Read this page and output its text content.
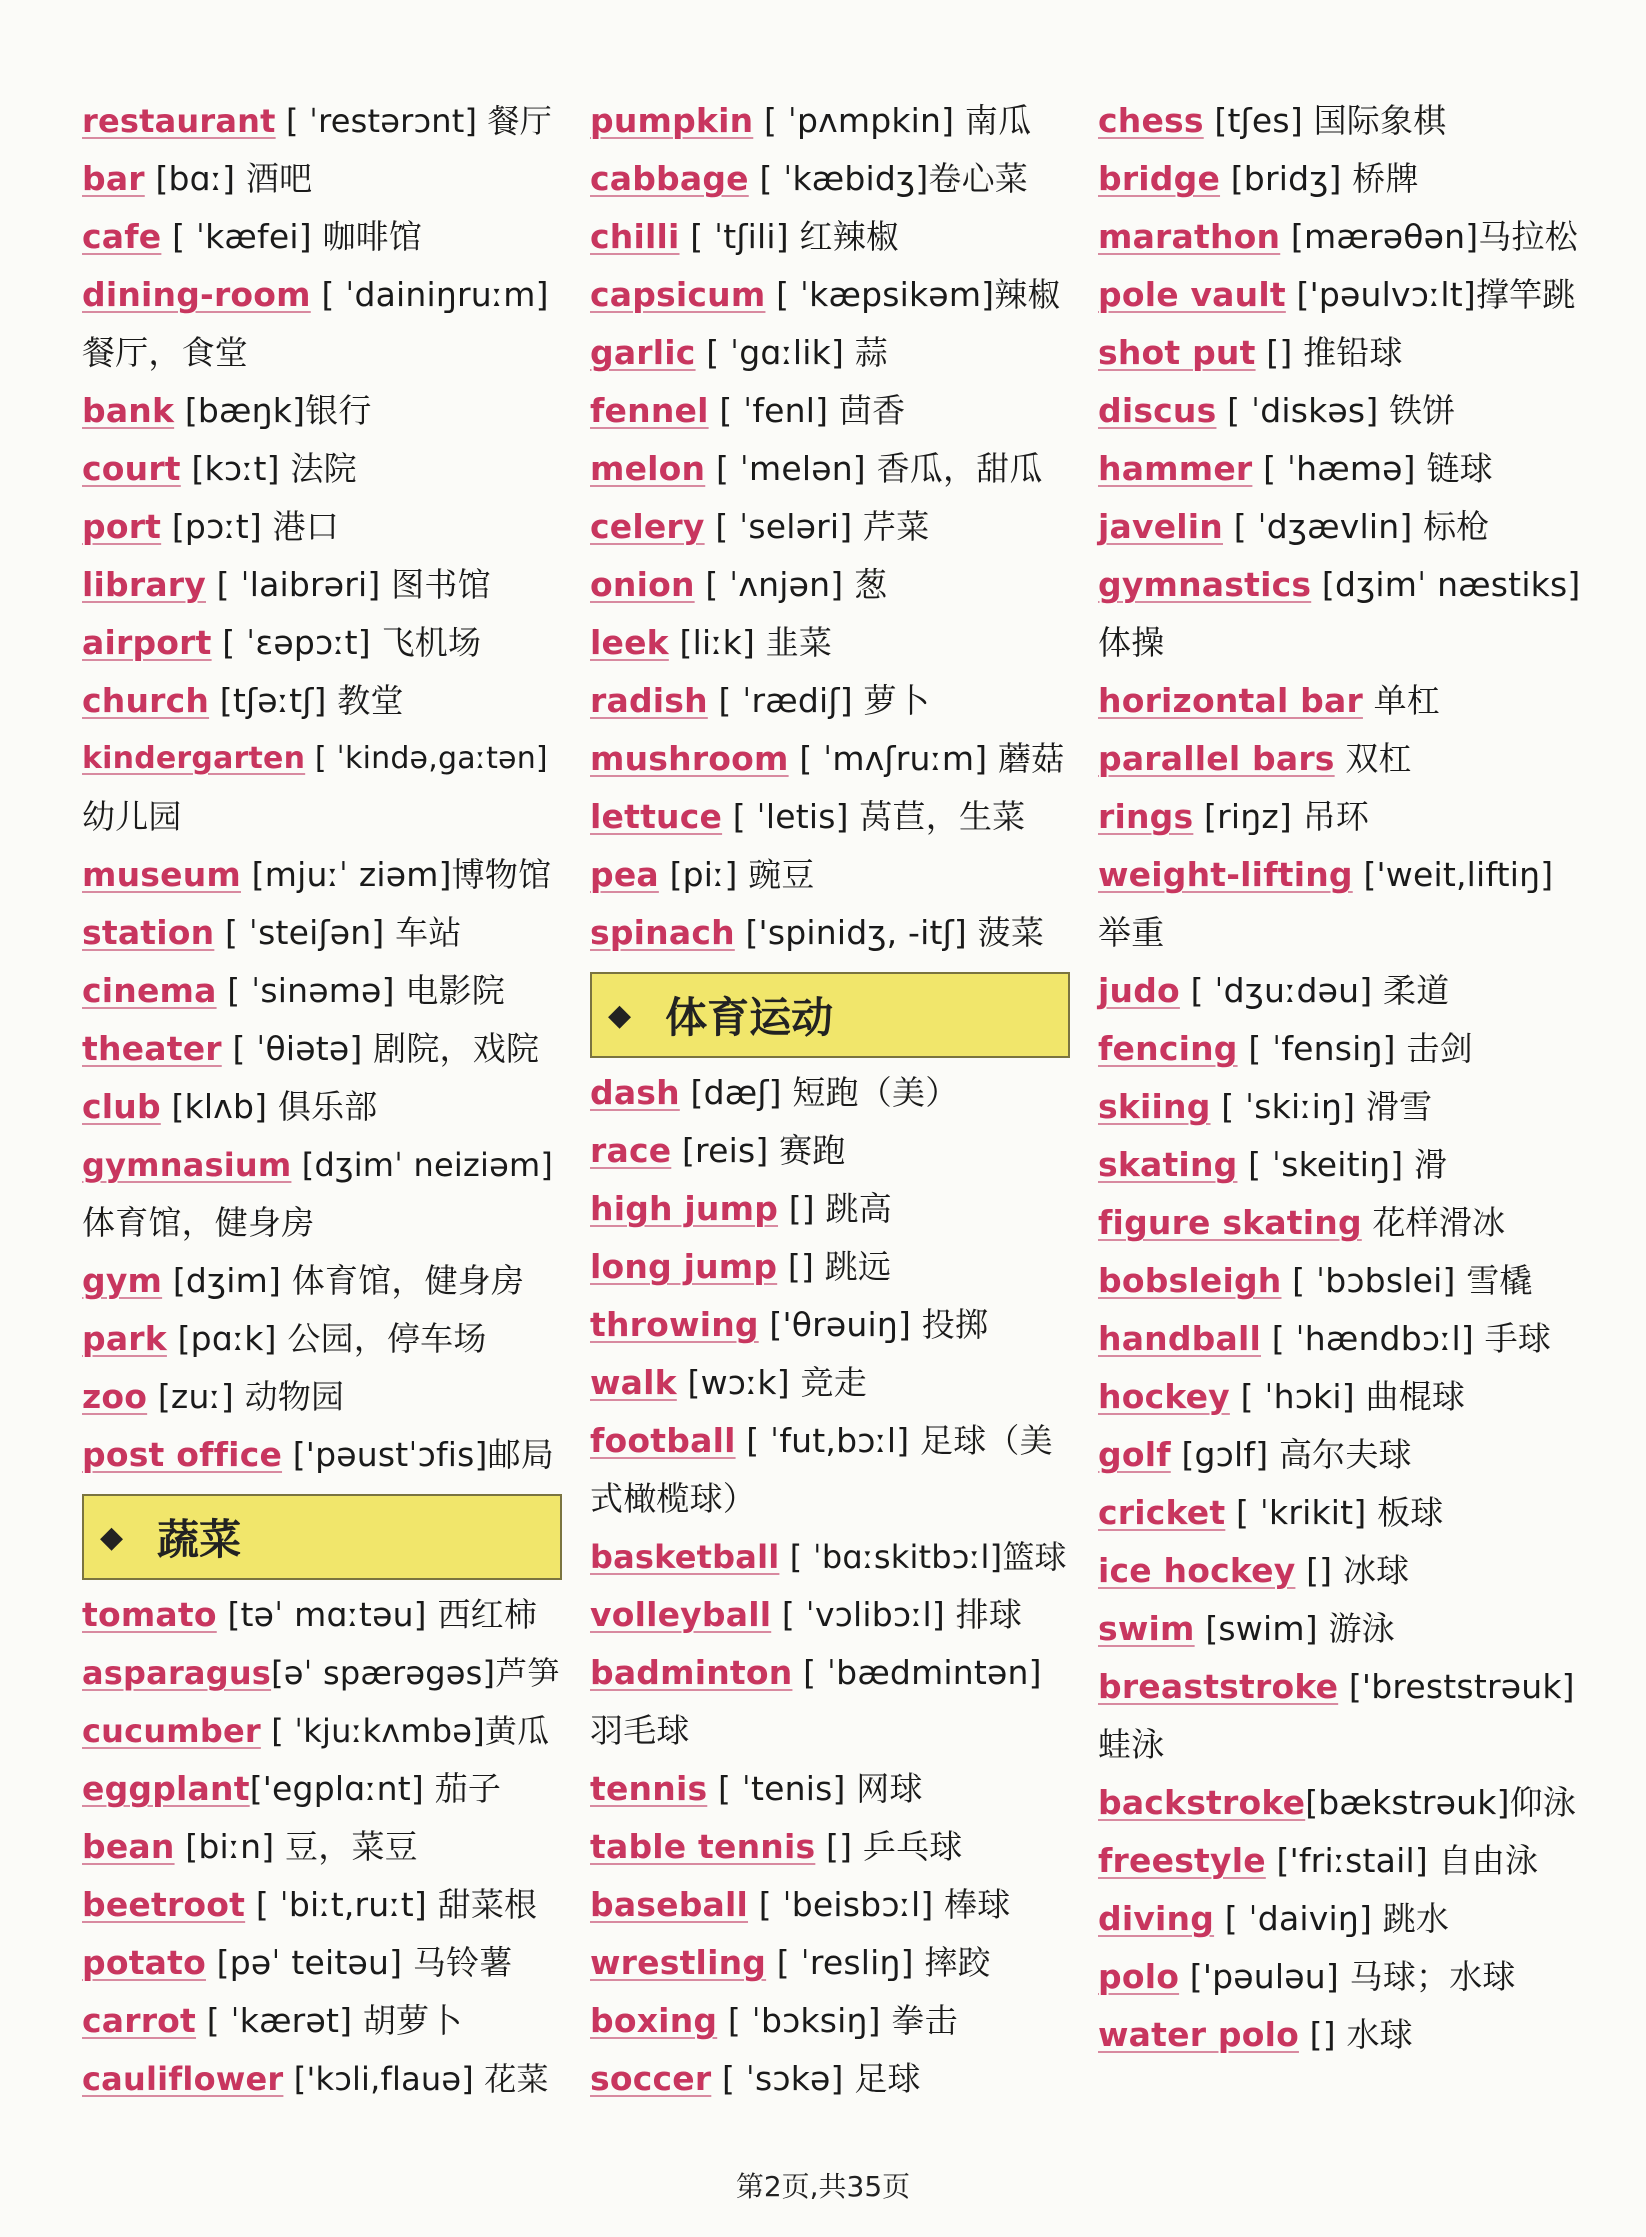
restaurant [ ˈrestərɔnt] 餐厅
bar [bɑː] 酒吧
cafe [ ˈkæfei] 咖啡馆
dining-room [ ˈdainiŋruːm]
餐厅，食堂
bank [bæŋk]银行
court [kɔːt] 法院
port [pɔːt] 港口
library [ ˈlaibrəri] 图书馆
airport [ ˈɛəpɔːt] 飞机场
church [tʃəːtʃ] 教堂
kindergarten [ ˈkində,gaːtən]
幼儿园
museum [mjuːˈ ziəm]博物馆
station [ ˈsteiʃən] 车站
cinema [ ˈsinəmə] 电影院
theater [ ˈθiətə] 剧院，戏院
club [klʌb] 俱乐部
gymnasium [dʒimˈ neiziəm]
体育馆，健身房
gym [dʒim] 体育馆，健身房
park [pɑːk] 公园，停车场
zoo [zuː] 动物园
post office ['pəustˈɔfis]邮局
◆ 蔬菜
tomato [təˈ mɑːtəu] 西红柿
asparagus[əˈ spærəgəs]芦笋
cucumber [ ˈkjuːkʌmbə]黄瓜
eggplant['egplɑːnt] 茄子
bean [biːn] 豆，菜豆
beetroot [ ˈbiːt,ruːt] 甜菜根
potato [pəˈ teitəu] 马铃薯
carrot [ ˈkærət] 胡萝卜
cauliflower ['kɔli,flauə] 花菜
pumpkin [ ˈpʌmpkin] 南瓜
cabbage [ ˈkæbidʒ]卷心菜
chilli [ ˈtʃili] 红辣椒
capsicum [ ˈkæpsikəm]辣椒
garlic [ ˈgɑːlik] 蒜
fennel [ ˈfenl] 茴香
melon [ ˈmelən] 香瓜，甜瓜
celery [ ˈseləri] 芹菜
onion [ ˈʌnjən] 葱
leek [liːk] 韭菜
radish [ ˈrædiʃ] 萝卜
mushroom [ ˈmʌʃruːm] 蘑菇
lettuce [ ˈletis] 莴苣，生菜
pea [piː] 豌豆
spinach ['spinidʒ, -itʃ] 菠菜
◆ 体育运动
dash [dæʃ] 短跑（美）
race [reis] 赛跑
high jump [] 跳高
long jump [] 跳远
throwing ['θrəuiŋ] 投掷
walk [wɔːk] 竞走
football [ ˈfut,bɔːl] 足球（美
式橄榄球）
basketball [ ˈbɑːskitbɔːl]篮球
volleyball [ ˈvɔlibɔːl] 排球
badminton [ ˈbædmintən]
羽毛球
tennis [ ˈtenis] 网球
table tennis [] 乒乓球
baseball [ ˈbeisbɔːl] 棒球
wrestling [ ˈresliŋ] 摔跤
boxing [ ˈbɔksiŋ] 拳击
soccer [ ˈsɔkə] 足球
chess [tʃes] 国际象棋
bridge [bridʒ] 桥牌
marathon [mærəθən]马拉松
pole vault ['pəulvɔːlt]撑竿跳
shot put [] 推铅球
discus [ ˈdiskəs] 铁饼
hammer [ ˈhæmə] 链球
javelin [ ˈdʒævlin] 标枪
gymnastics [dʒimˈ næstiks]
体操
horizontal bar 单杠
parallel bars 双杠
rings [riŋz] 吊环
weight-lifting ['weit,liftiŋ]
举重
judo [ ˈdʒuːdəu] 柔道
fencing [ ˈfensiŋ] 击剑
skiing [ ˈskiːiŋ] 滑雪
skating [ ˈskeitiŋ] 滑
figure skating 花样滑冰
bobsleigh [ ˈbɔbslei] 雪橇
handball [ ˈhændbɔːl] 手球
hockey [ ˈhɔki] 曲棍球
golf [gɔlf] 高尔夫球
cricket [ ˈkrikit] 板球
ice hockey [] 冰球
swim [swim] 游泳
breaststroke ['breststrəuk]
蛙泳
backstroke[bækstrəuk]仰泳
freestyle ['friːstail] 自由泳
diving [ ˈdaiviŋ] 跳水
polo ['pəuləu] 马球；水球
water polo [] 水球
第2页,共35页
